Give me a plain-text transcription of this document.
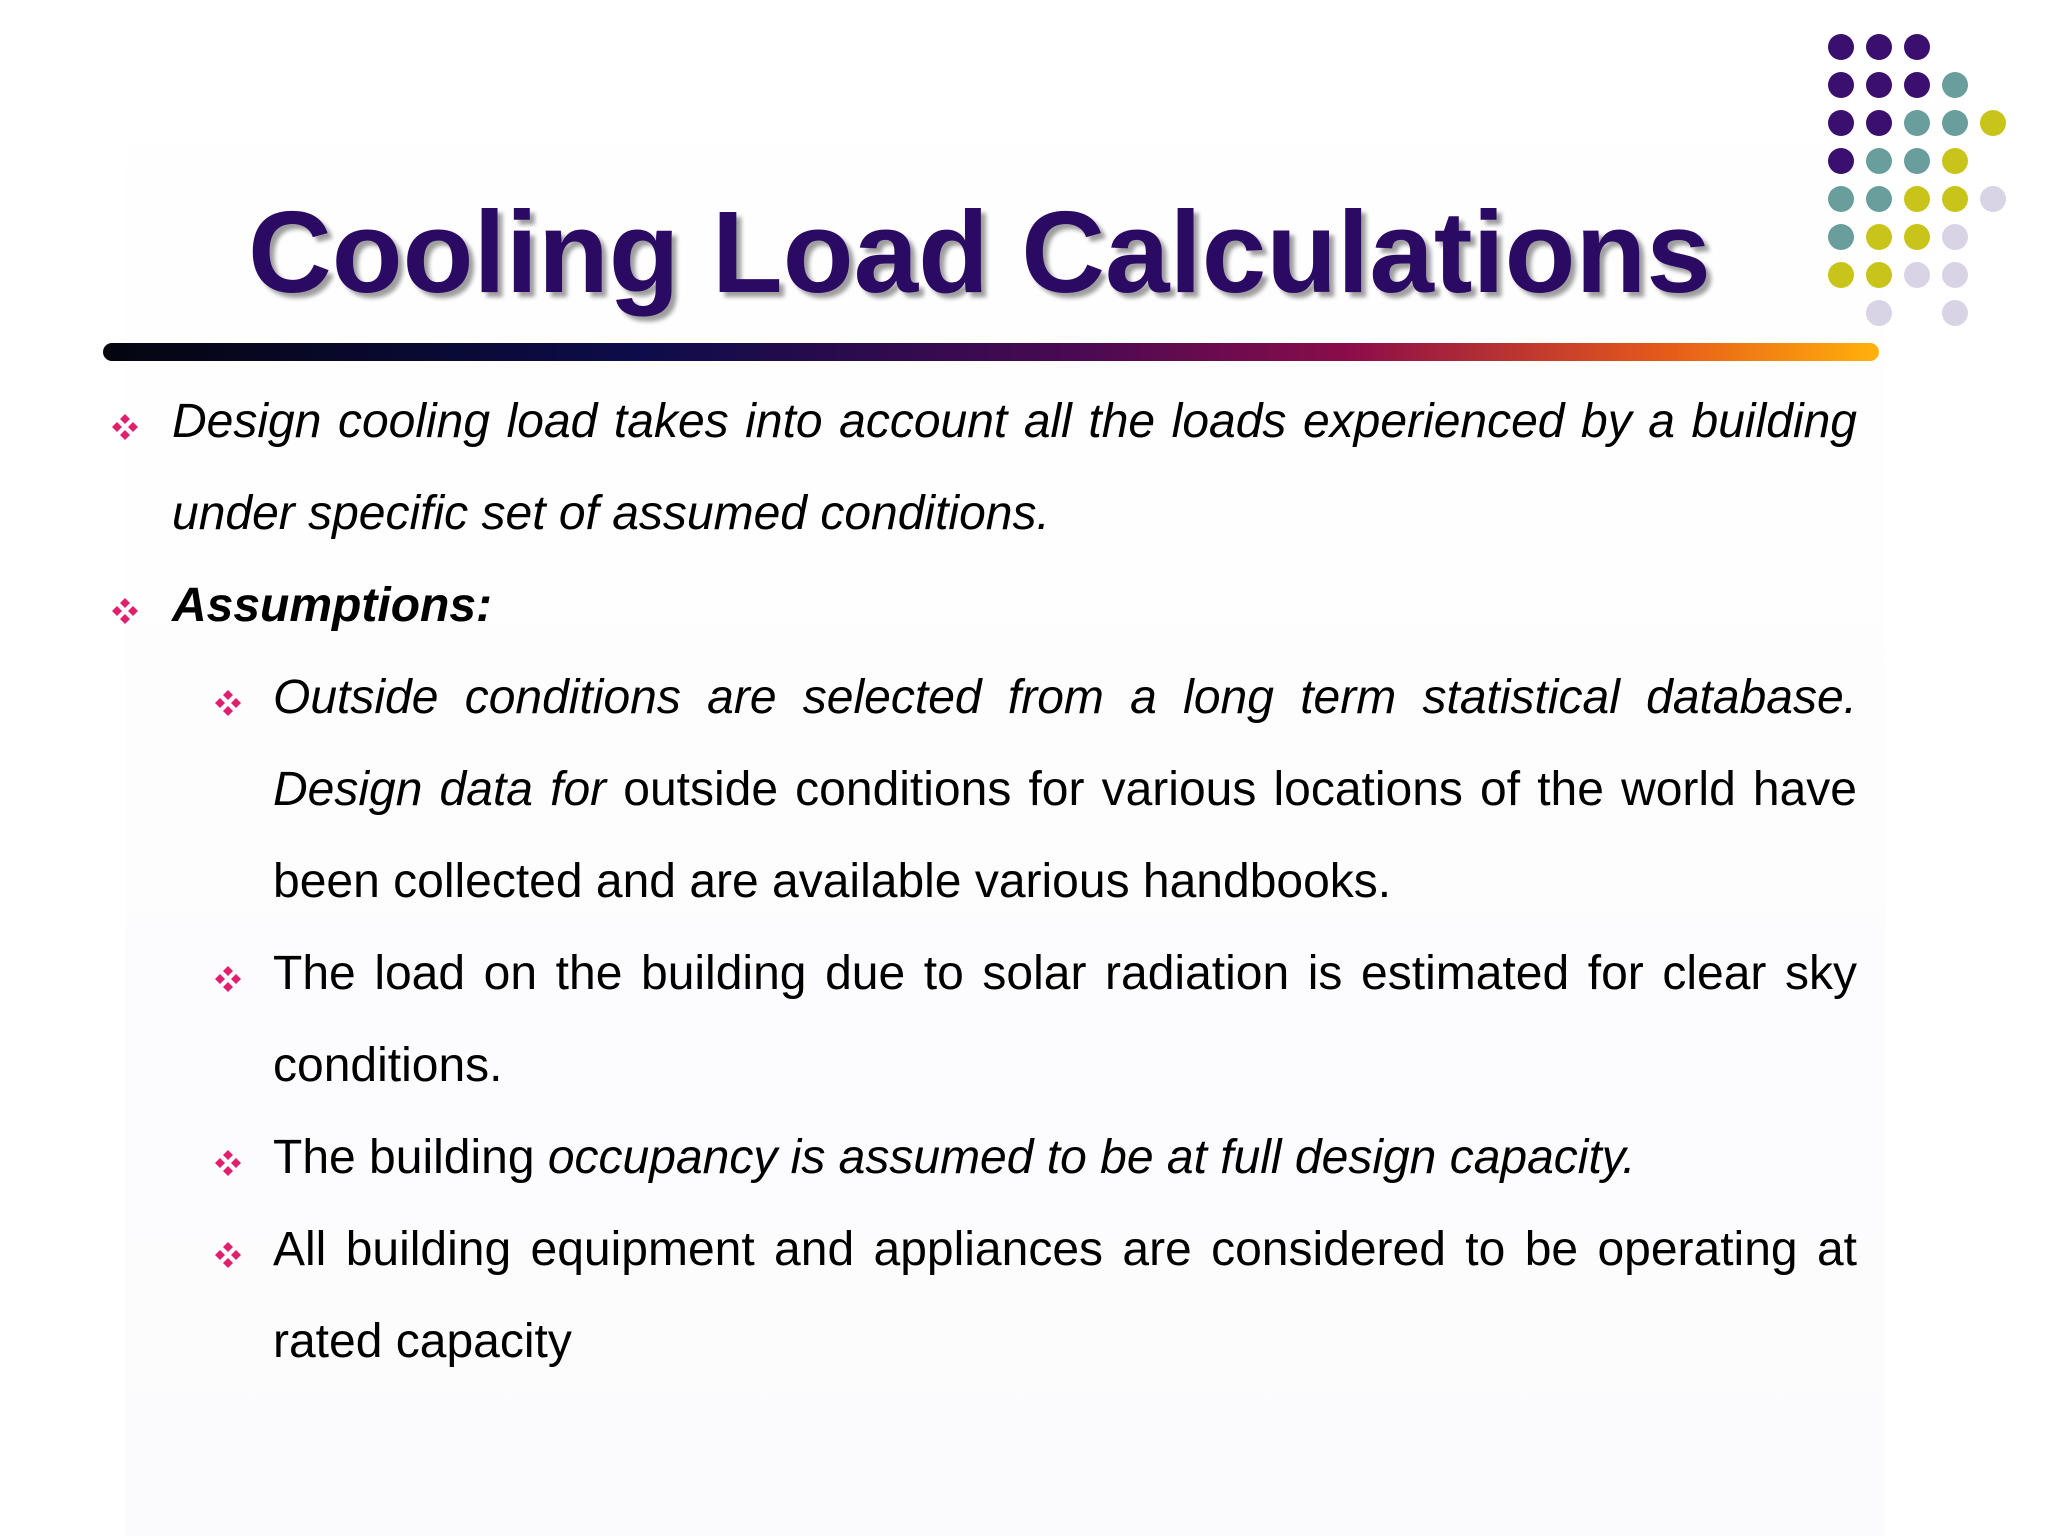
Cooling Load Calculations
Design cooling load takes into account all the loads experienced by a building under specific set of assumed conditions.
Assumptions:
Outside conditions are selected from a long term statistical database. Design data for outside conditions for various locations of the world have been collected and are available various handbooks.
The load on the building due to solar radiation is estimated for clear sky conditions.
The building occupancy is assumed to be at full design capacity.
All building equipment and appliances are considered to be operating at rated capacity
